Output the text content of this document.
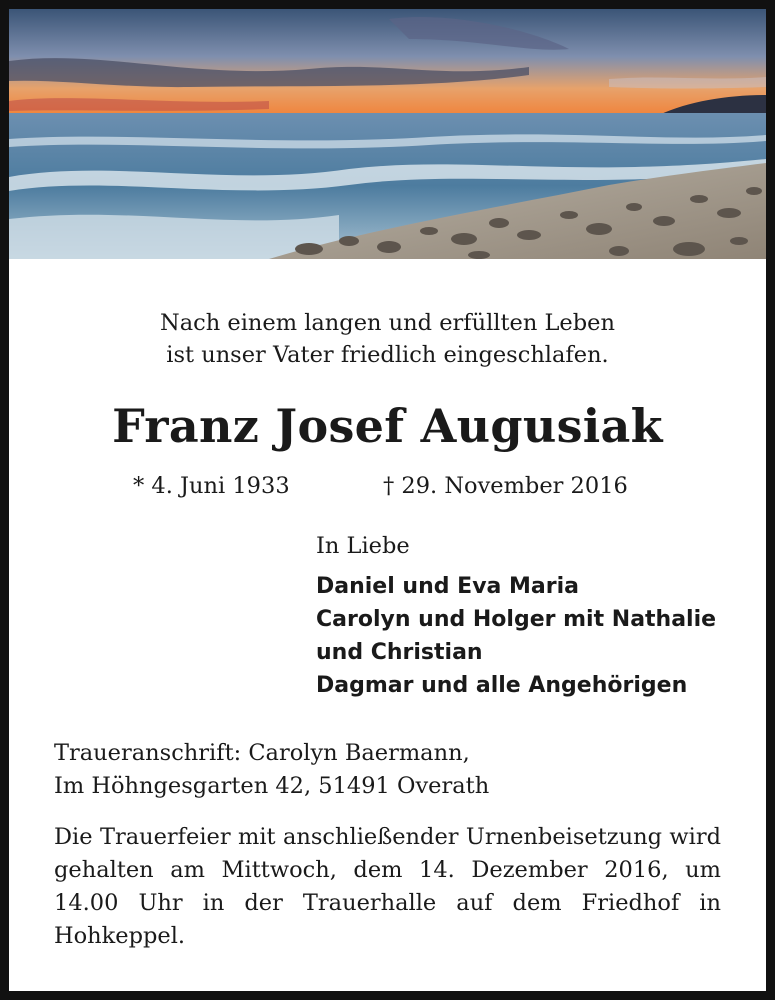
Nach einem langen und erfüllten Leben
ist unser Vater friedlich eingeschlafen.
Franz Josef Augusiak
* 4. Juni 1933	† 29. November 2016
In Liebe
Daniel und Eva Maria
Carolyn und Holger mit Nathalie
und Christian
Dagmar und alle Angehörigen
Traueranschrift: Carolyn Baermann,
Im Höhngesgarten 42, 51491 Overath
Die Trauerfeier mit anschließender Urnenbeisetzung wird gehalten am Mittwoch, dem 14. Dezember 2016, um 14.00 Uhr in der Trauerhalle auf dem Friedhof in Hohkeppel.
